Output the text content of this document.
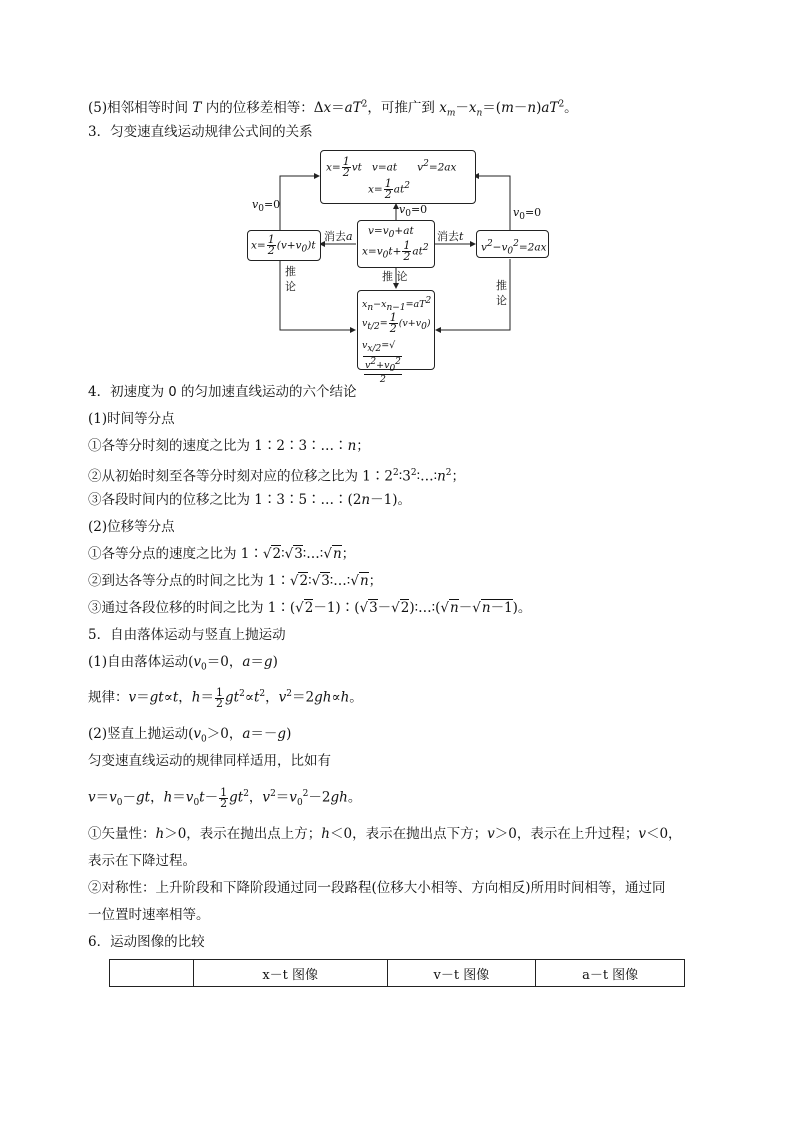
(5)相邻相等时间 T 内的位移差相等：$\Delta x=aT^2$，可推广到 $x_m-x_n=(m-n)aT^2$。
3．匀变速直线运动规律公式间的关系
$x= \frac{1}{2}$ vt   v=at      $v^2=2ax$
$x= \frac{1}{2} at^2$
$v=v_0+at$
$x=v_0t+ \frac{1}{2} at^2$
$x= \frac{1}{2} (v+v_0)t$	$v^2-v_0^2=2ax$
$x_n-x_{n-1}=aT^2$
$v_{t/2}= \frac{1}{2} (v+v_0)$
$v_{x/2}=√$
$\frac{v^2+v_0^2}{2}$
$v_0=0$	$v_0=0$	$v_0=0$
消去a	消去t
推 论
推
论	推
论
4．初速度为 0 的匀加速直线运动的六个结论
(1)时间等分点
①各等分时刻的速度之比为 1∶2∶3∶…∶n；
②从初始时刻至各等分时刻对应的位移之比为 $1∶2^2∶3^2∶\dots∶n^2$；
③各段时间内的位移之比为 1∶3∶5∶…∶(2n－1)。
(2)位移等分点
①各等分点的速度之比为 1∶√2∶√3∶…∶√n；
②到达各等分点的时间之比为 1∶√2∶√3∶…∶√n；
③通过各段位移的时间之比为 1∶(√2－1)∶(√3－√2)∶…∶(√n－√n－1)。
5．自由落体运动与竖直上抛运动
(1)自由落体运动($v_0=0$，a＝g)
规律：v＝gt∝t，$h= \frac{1}{2} gt^2\propto t^2$，$v^2=2gh\propto h$。
(2)竖直上抛运动($v_0>0$，a＝－g)
匀变速直线运动的规律同样适用，比如有
$v=v_0-gt$，$h=v_0t- \frac{1}{2} gt^2$，$v^2=v_0^2-2gh$。
①矢量性：h＞0，表示在抛出点上方；h＜0，表示在抛出点下方；v＞0，表示在上升过程；v＜0，
表示在下降过程。
②对称性：上升阶段和下降阶段通过同一段路程(位移大小相等、方向相反)所用时间相等，通过同
一位置时速率相等。
6．运动图像的比较
	x－t 图像	v－t 图像	a－t 图像
